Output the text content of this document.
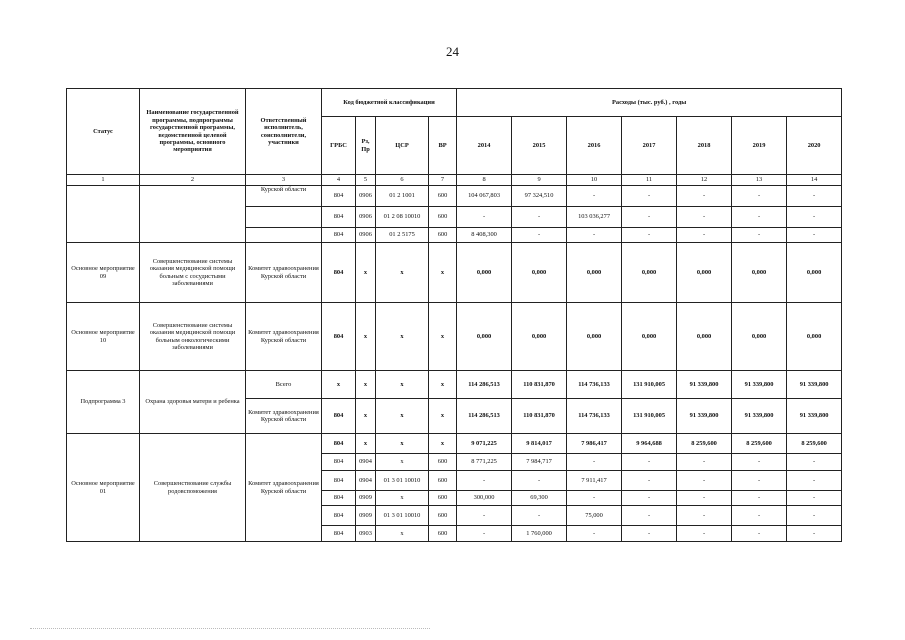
24
Статус	Наименование государственной программы, подпрограммы государственной программы, ведомственной целевой программы, основного мероприятия	Ответственный исполнитель, соисполнители, участники	Код бюджетной классификации				Расходы (тыс. руб.) , годы						
			ГРБС	Рз, Пр	ЦСР	ВР	2014	2015	2016	2017	2018	2019	2020
1	2	3	4	5	6	7	8	9	10	11	12	13	14
		Курской области	804	0906	01 2 1001	600	104 067,803	97 324,510	-	-	-	-	-
			804	0906	01 2 08 10010	600	-	-	103 036,277	-	-	-	-
			804	0906	01 2 5175	600	8 408,300	-	-	-	-	-	-
Основное мероприятие 09	Совершенствование системы оказания медицинской помощи больным с сосудистыми заболеваниями	Комитет здравоохранения Курской области	804	x	x	x	0,000	0,000	0,000	0,000	0,000	0,000	0,000
Основное мероприятие 10	Совершенствование системы оказания медицинской помощи больным онкологическими заболеваниями	Комитет здравоохранения Курской области	804	x	x	x	0,000	0,000	0,000	0,000	0,000	0,000	0,000
Подпрограмма 3	Охрана здоровья матери и ребенка	Всего	x	x	x	x	114 286,513	110 831,870	114 736,133	131 910,005	91 339,800	91 339,800	91 339,800
		Комитет здравоохранения Курской области	804	x	x	x	114 286,513	110 831,870	114 736,133	131 910,005	91 339,800	91 339,800	91 339,800
Основное мероприятие 01	Совершенствование службы родовспоможения	Комитет здравоохранения Курской области	804	x	x	x	9 071,225	9 814,017	7 986,417	9 964,688	8 259,600	8 259,600	8 259,600
			804	0904	x	600	8 771,225	7 984,717	-	-	-	-	-
			804	0904	01 3 01 10010	600	-	-	7 911,417	-	-	-	-
			804	0909	x	600	300,000	69,300	-	-	-	-	-
			804	0909	01 3 01 10010	600	-	-	75,000	-	-	-	-
			804	0903	x	600	-	1 760,000	-	-	-	-	-
